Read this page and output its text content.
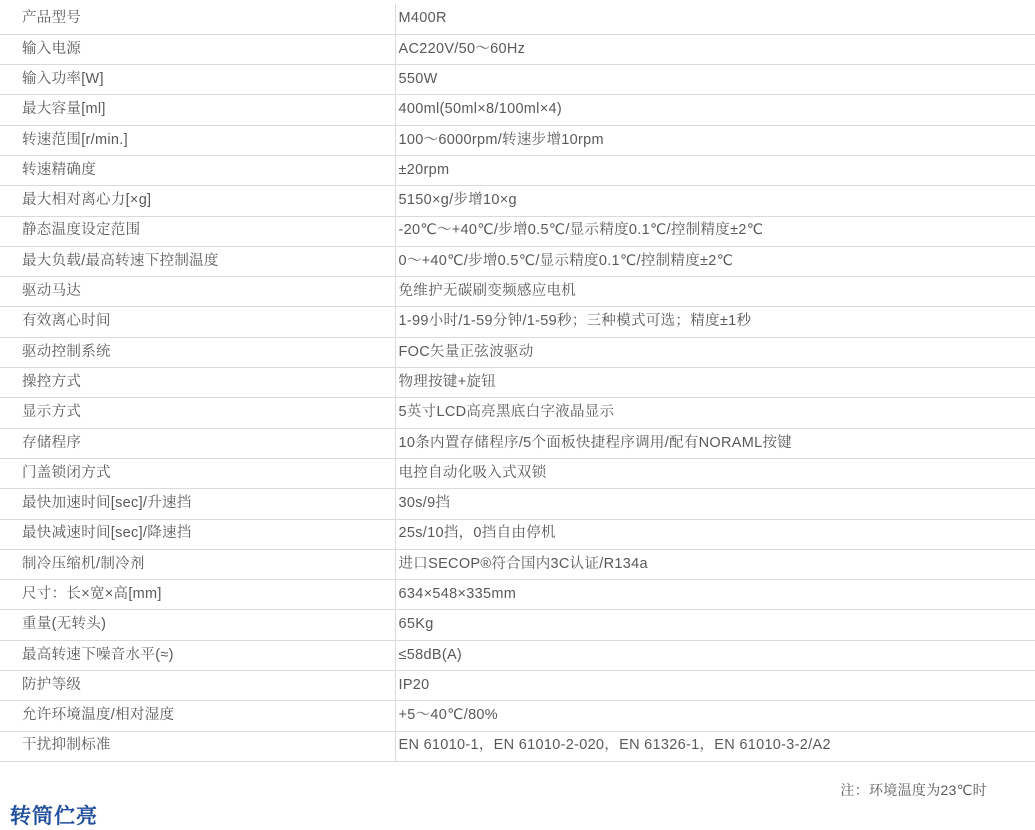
产品型号	M400R
输入电源	AC220V/50～60Hz
输入功率[W]	550W
最大容量[ml]	400ml(50ml×8/100ml×4)
转速范围[r/min.]	100～6000rpm/转速步增10rpm
转速精确度	±20rpm
最大相对离心力[×g]	5150×g/步增10×g
静态温度设定范围	-20℃～+40℃/步增0.5℃/显示精度0.1℃/控制精度±2℃
最大负载/最高转速下控制温度	0～+40℃/步增0.5℃/显示精度0.1℃/控制精度±2℃
驱动马达	免维护无碳刷变频感应电机
有效离心时间	1-99小时/1-59分钟/1-59秒；三种模式可选；精度±1秒
驱动控制系统	FOC矢量正弦波驱动
操控方式	物理按键+旋钮
显示方式	5英寸LCD高亮黑底白字液晶显示
存储程序	10条内置存储程序/5个面板快捷程序调用/配有NORAML按键
门盖锁闭方式	电控自动化吸入式双锁
最快加速时间[sec]/升速挡	30s/9挡
最快减速时间[sec]/降速挡	25s/10挡，0挡自由停机
制冷压缩机/制冷剂	进口SECOP®符合国内3C认证/R134a
尺寸：长×宽×高[mm]	634×548×335mm
重量(无转头)	65Kg
最高转速下噪音水平(≈)	≤58dB(A)
防护等级	IP20
允许环境温度/相对湿度	+5～40℃/80%
干扰抑制标准	EN 61010-1，EN 61010-2-020，EN 61326-1，EN 61010-3-2/A2
注：环境温度为23℃时
转筒伫亮
